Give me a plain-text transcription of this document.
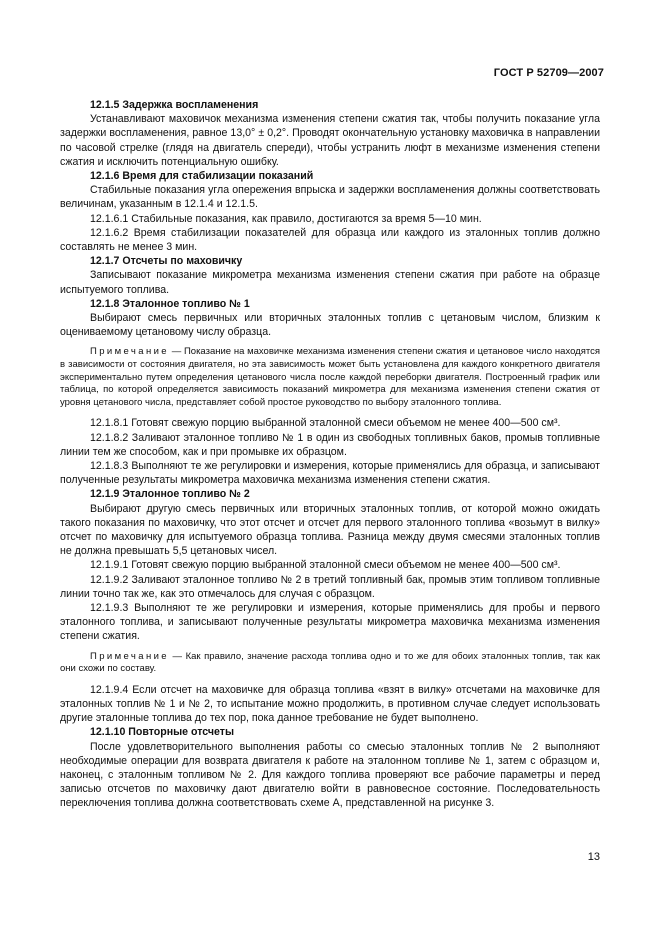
ГОСТ Р 52709—2007

12.1.5 Задержка воспламенения

Устанавливают маховичок механизма изменения степени сжатия так, чтобы получить показание угла задержки воспламенения, равное 13,0° ± 0,2°. Проводят окончательную установку маховичка в направлении по часовой стрелке (глядя на двигатель спереди), чтобы устранить люфт в механизме изменения степени сжатия и исключить потенциальную ошибку.

12.1.6 Время для стабилизации показаний

Стабильные показания угла опережения впрыска и задержки воспламенения должны соответствовать величинам, указанным в 12.1.4 и 12.1.5.

12.1.6.1 Стабильные показания, как правило, достигаются за время 5—10 мин.

12.1.6.2 Время стабилизации показателей для образца или каждого из эталонных топлив должно составлять не менее 3 мин.

12.1.7 Отсчеты по маховичку

Записывают показание микрометра механизма изменения степени сжатия при работе на образце испытуемого топлива.

12.1.8 Эталонное топливо № 1

Выбирают смесь первичных или вторичных эталонных топлив с цетановым числом, близким к оцениваемому цетановому числу образца.

Примечание — Показание на маховичке механизма изменения степени сжатия и цетановое число находятся в зависимости от состояния двигателя, но эта зависимость может быть установлена для каждого конкретного двигателя экспериментально путем определения цетанового числа после каждой переборки двигателя. Построенный график или таблица, по которой определяется зависимость показаний микрометра для механизма изменения степени сжатия от уровня цетанового числа, представляет собой простое руководство по выбору эталонного топлива.

12.1.8.1 Готовят свежую порцию выбранной эталонной смеси объемом не менее 400—500 см³.

12.1.8.2 Заливают эталонное топливо № 1 в один из свободных топливных баков, промыв топливные линии тем же способом, как и при промывке их образцом.

12.1.8.3 Выполняют те же регулировки и измерения, которые применялись для образца, и записывают полученные результаты микрометра маховичка механизма изменения степени сжатия.

12.1.9 Эталонное топливо № 2

Выбирают другую смесь первичных или вторичных эталонных топлив, от которой можно ожидать такого показания по маховичку, что этот отсчет и отсчет для первого эталонного топлива «возьмут в вилку» отсчет по маховичку для испытуемого образца топлива. Разница между двумя смесями эталонных топлив не должна превышать 5,5 цетановых чисел.

12.1.9.1 Готовят свежую порцию выбранной эталонной смеси объемом не менее 400—500 см³.

12.1.9.2 Заливают эталонное топливо № 2 в третий топливный бак, промыв этим топливом топливные линии точно так же, как это отмечалось для случая с образцом.

12.1.9.3 Выполняют те же регулировки и измерения, которые применялись для пробы и первого эталонного топлива, и записывают полученные результаты микрометра маховичка механизма изменения степени сжатия.

Примечание — Как правило, значение расхода топлива одно и то же для обоих эталонных топлив, так как они схожи по составу.

12.1.9.4 Если отсчет на маховичке для образца топлива «взят в вилку» отсчетами на маховичке для эталонных топлив № 1 и № 2, то испытание можно продолжить, в противном случае следует использовать другие эталонные топлива до тех пор, пока данное требование не будет выполнено.

12.1.10 Повторные отсчеты

После удовлетворительного выполнения работы со смесью эталонных топлив № 2 выполняют необходимые операции для возврата двигателя к работе на эталонном топливе № 1, затем с образцом и, наконец, с эталонным топливом № 2. Для каждого топлива проверяют все рабочие параметры и перед записью отсчетов по маховичку дают двигателю войти в равновесное состояние. Последовательность переключения топлива должна соответствовать схеме А, представленной на рисунке 3.

13
